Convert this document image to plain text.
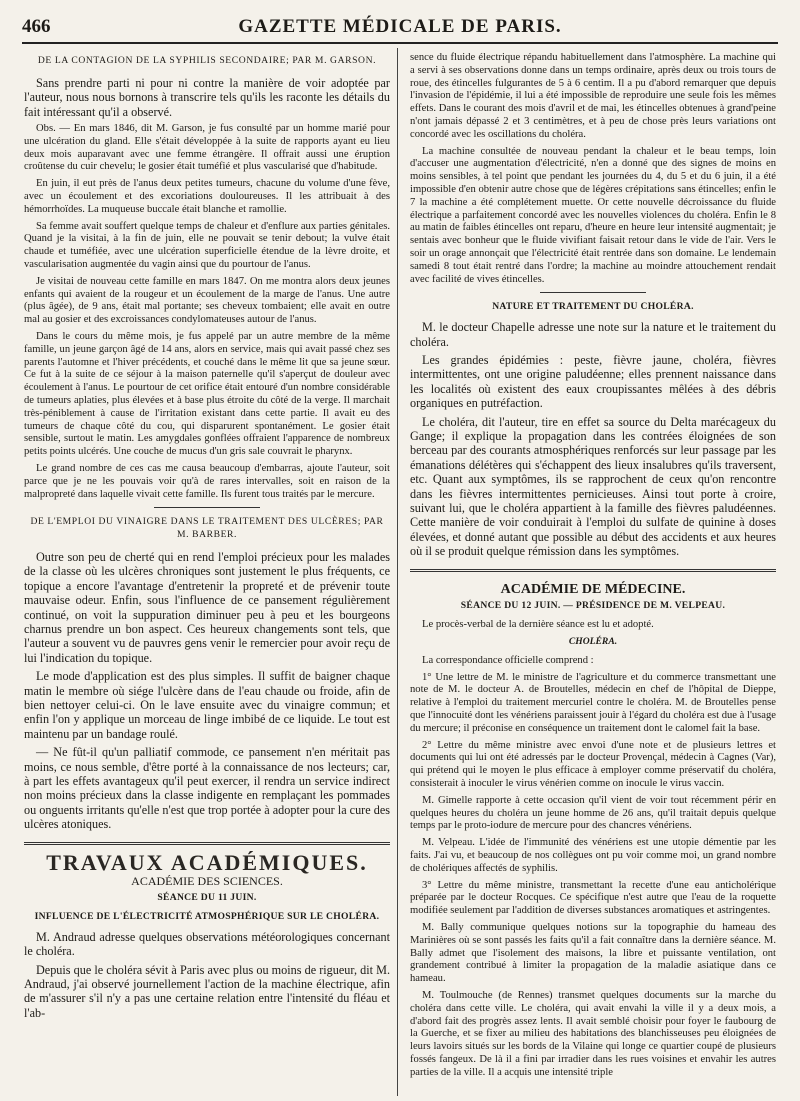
466	GAZETTE MÉDICALE DE PARIS.
DE LA CONTAGION DE LA SYPHILIS SECONDAIRE; PAR M. GARSON.

Sans prendre parti ni pour ni contre la manière de voir adoptée par l'auteur, nous nous bornons à transcrire tels qu'ils les raconte les détails du fait intéressant qu'il a observé.

Obs. — En mars 1846, dit M. Garson, je fus consulté par un homme marié pour une ulcération du gland. Elle s'était développée à la suite de rapports ayant eu lieu deux mois auparavant avec une femme étrangère. Il offrait aussi une éruption croûtense du cuir chevelu; le gosier était tuméfié et plus vascularisé que d'habitude.

En juin, il eut près de l'anus deux petites tumeurs, chacune du volume d'une fève, avec un écoulement et des excoriations douloureuses. Il les attribuait à des hémorrhoïdes. La muqueuse buccale était blanche et ramollie.

Sa femme avait souffert quelque temps de chaleur et d'enflure aux parties génitales. Quand je la visitai, à la fin de juin, elle ne pouvait se tenir debout; la vulve était chaude et tuméfiée, avec une ulcération superficielle étendue de la lèvre droite, et vascularisation augmentée du vagin ainsi que du pourtour de l'anus.

Je visitai de nouveau cette famille en mars 1847. On me montra alors deux jeunes enfants qui avaient de la rougeur et un écoulement de la marge de l'anus. Une autre (plus âgée), de 9 ans, était mal portante; ses cheveux tombaient; elle avait en outre mal au gosier et des excroissances condylomateuses autour de l'anus.

Dans le cours du même mois, je fus appelé par un autre membre de la même famille, un jeune garçon âgé de 14 ans, alors en service, mais qui avait passé chez ses parents l'automne et l'hiver précédents, et couché dans le même lit que sa jeune sœur. Ce fut à la suite de ce séjour à la maison paternelle qu'il s'aperçut de douleur avec écoulement à l'anus. Le pourtour de cet orifice était entouré d'un nombre considérable de tumeurs aplaties, plus élevées et à base plus étroite du côté de la verge. Il marchait très-péniblement à cause de l'irritation existant dans cette partie. Il avait eu des tumeurs de chaque côté du cou, qui disparurent spontanément. Le gosier était sensible, surtout le matin. Les amygdales gonflées offraient l'apparence de nombreux petits points ulcérés. Une couche de mucus d'un gris sale couvrait le pharynx.

Le grand nombre de ces cas me causa beaucoup d'embarras, ajoute l'auteur, soit parce que je ne les pouvais voir qu'à de rares intervalles, soit en raison de la malpropreté dans laquelle vivait cette famille. Ils furent tous traités par le mercure.

DE L'EMPLOI DU VINAIGRE DANS LE TRAITEMENT DES ULCÈRES; PAR M. BARBER.

Outre son peu de cherté qui en rend l'emploi précieux pour les malades de la classe où les ulcères chroniques sont justement le plus fréquents, ce topique a encore l'avantage d'entretenir la propreté et de prévenir toute mauvaise odeur. Enfin, sous l'influence de ce pansement régulièrement continué, on voit la suppuration diminuer peu à peu et les bourgeons charnus prendre un bon aspect. Ces heureux changements sont tels, que l'auteur a souvent vu de pauvres gens venir le remercier pour avoir reçu de lui l'indication du topique.

Le mode d'application est des plus simples. Il suffit de baigner chaque matin le membre où siége l'ulcère dans de l'eau chaude ou froide, afin de bien nettoyer celui-ci. On le lave ensuite avec du vinaigre commun; et enfin l'on y applique un morceau de linge imbibé de ce liquide. Le tout est maintenu par un bandage roulé.

— Ne fût-il qu'un palliatif commode, ce pansement n'en méritait pas moins, ce nous semble, d'être porté à la connaissance de nos lecteurs; car, à part les effets avantageux qu'il peut exercer, il rendra un service indirect non moins précieux dans la classe indigente en remplaçant les pommades ou onguents irritants qu'elle n'est que trop portée à adopter pour la cure des ulcères atoniques.

TRAVAUX ACADÉMIQUES.
ACADÉMIE DES SCIENCES.
SÉANCE DU 11 JUIN.
INFLUENCE DE L'ÉLECTRICITÉ ATMOSPHÉRIQUE SUR LE CHOLÉRA.

M. Andraud adresse quelques observations météorologiques concernant le choléra.

Depuis que le choléra sévit à Paris avec plus ou moins de rigueur, dit M. Andraud, j'ai observé journellement l'action de la machine électrique, afin de m'assurer s'il n'y a pas une certaine relation entre l'intensité du fléau et l'ab-

sence du fluide électrique répandu habituellement dans l'atmosphère. La machine qui a servi à ses observations donne dans un temps ordinaire, après deux ou trois tours de roue, des étincelles fulgurantes de 5 à 6 centim. Il a pu d'abord remarquer que depuis l'invasion de l'épidémie, il lui a été impossible de reproduire une seule fois les mêmes effets. Dans le courant des mois d'avril et de mai, les étincelles obtenues à grand'peine n'ont jamais dépassé 2 et 3 centimètres, et à peu de chose près leurs variations ont concordé avec les oscillations du choléra.

La machine consultée de nouveau pendant la chaleur et le beau temps, loin d'accuser une augmentation d'électricité, n'en a donné que des signes de moins en moins sensibles, à tel point que pendant les journées du 4, du 5 et du 6 juin, il a été impossible d'en obtenir autre chose que de légères crépitations sans étincelles; enfin le 7 la machine a été complétement muette. Or cette nouvelle décroissance du fluide électrique a parfaitement concordé avec les nouvelles violences du choléra. Enfin le 8 au matin de faibles étincelles ont reparu, d'heure en heure leur intensité augmentait; je sentais avec bonheur que le fluide vivifiant faisait retour dans le vide de l'air. Vers le soir un orage annonçait que l'électricité était rentrée dans son domaine. Le lendemain samedi 8 tout était rentré dans l'ordre; la machine au moindre attouchement rendait avec facilité de vives étincelles.

NATURE ET TRAITEMENT DU CHOLÉRA.

M. le docteur Chapelle adresse une note sur la nature et le traitement du choléra.

Les grandes épidémies : peste, fièvre jaune, choléra, fièvres intermittentes, ont une origine paludéenne; elles prennent naissance dans les localités où existent des eaux croupissantes mêlées à des débris organiques en putréfaction.

Le choléra, dit l'auteur, tire en effet sa source du Delta marécageux du Gange; il explique la propagation dans les contrées éloignées de son berceau par des courants atmosphériques renforcés sur leur passage par les émanations délétères qui s'échappent des lieux insalubres qu'ils traversent, etc. Quant aux symptômes, ils se rapprochent de ceux qu'on rencontre dans les fièvres intermittentes pernicieuses. Ainsi tout porte à croire, suivant lui, que le choléra appartient à la famille des fièvres paludéennes. Cette manière de voir conduirait à l'emploi du sulfate de quinine à doses élevées, et donné autant que possible au début des accidents et aux heures où il se produit quelque rémission dans les symptômes.

ACADÉMIE DE MÉDECINE.
SÉANCE DU 12 JUIN. — PRÉSIDENCE DE M. VELPEAU.

Le procès-verbal de la dernière séance est lu et adopté.

CHOLÉRA.

La correspondance officielle comprend :

1° Une lettre de M. le ministre de l'agriculture et du commerce transmettant une note de M. le docteur A. de Broutelles, médecin en chef de l'hôpital de Dieppe, relative à l'emploi du traitement mercuriel contre le choléra. M. de Broutelles pense que l'innocuité dont les vénériens paraissent jouir à l'égard du choléra est due à l'usage du mercure; il préconise en conséquence un traitement dont le calomel fait la base.

2° Lettre du même ministre avec envoi d'une note et de plusieurs lettres et documents qui lui ont été adressés par le docteur Provençal, médecin à Cagnes (Var), qui prétend qui le moyen le plus efficace à employer comme préservatif du choléra, consisterait à inoculer le virus vénérien comme on inocule le virus vaccin.

M. Gimelle rapporte à cette occasion qu'il vient de voir tout récemment périr en quelques heures du choléra un jeune homme de 26 ans, qu'il traitait depuis quelque temps par le proto-iodure de mercure pour des chancres vénériens.

M. Velpeau. L'idée de l'immunité des vénériens est une utopie démentie par les faits. J'ai vu, et beaucoup de nos collègues ont pu voir comme moi, un grand nombre de cholériques affectés de syphilis.

3° Lettre du même ministre, transmettant la recette d'une eau anticholérique préparée par le docteur Rocques. Ce spécifique n'est autre que l'eau de la roquette modifiée seulement par l'addition de diverses substances aromatiques et astringentes.

M. Bally communique quelques notions sur la topographie du hameau des Marinières où se sont passés les faits qu'il a fait connaître dans la dernière séance. M. Bally admet que l'isolement des maisons, la libre et puissante ventilation, ont grandement contribué à limiter la propagation de la maladie asiatique dans ce hameau.

M. Toulmouche (de Rennes) transmet quelques documents sur la marche du choléra dans cette ville. Le choléra, qui avait envahi la ville il y a deux mois, a d'abord fait des progrès assez lents. Il avait semblé choisir pour foyer le faubourg de la Guerche, et se fixer au milieu des habitations des blanchisseuses peu éloignées de leurs lavoirs situés sur les bords de la Vilaine qui longe ce quartier coupé de plusieurs fossés fangeux. De là il a fini par irradier dans les rues voisines et envahir les autres parties de la ville. Il a acquis une intensité triple
